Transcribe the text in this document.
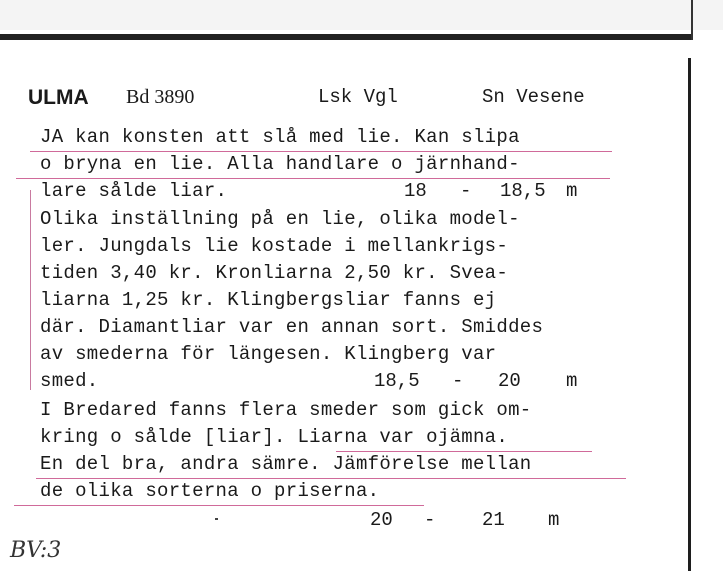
ULMA Bd 3890	Lsk Vgl	Sn Vesene
JA kan konsten att slå med lie. Kan slipa
o bryna en lie. Alla handlare o järnhand-
lare sålde liar.	18 - 18,5 m
Olika inställning på en lie, olika model-
ler. Jungdals lie kostade i mellankrigs-
tiden 3,40 kr. Kronliarna 2,50 kr. Svea-
liarna 1,25 kr. Klingbergsliar fanns ej
där. Diamantliar var en annan sort. Smiddes
av smederna för längesen. Klingberg var
smed.	18,5 - 20 m
I Bredared fanns flera smeder som gick om-
kring o sålde [liar]. Liarna var ojämna.
En del bra, andra sämre. Jämförelse mellan
de olika sorterna o priserna.
20 - 21 m
BV:3
